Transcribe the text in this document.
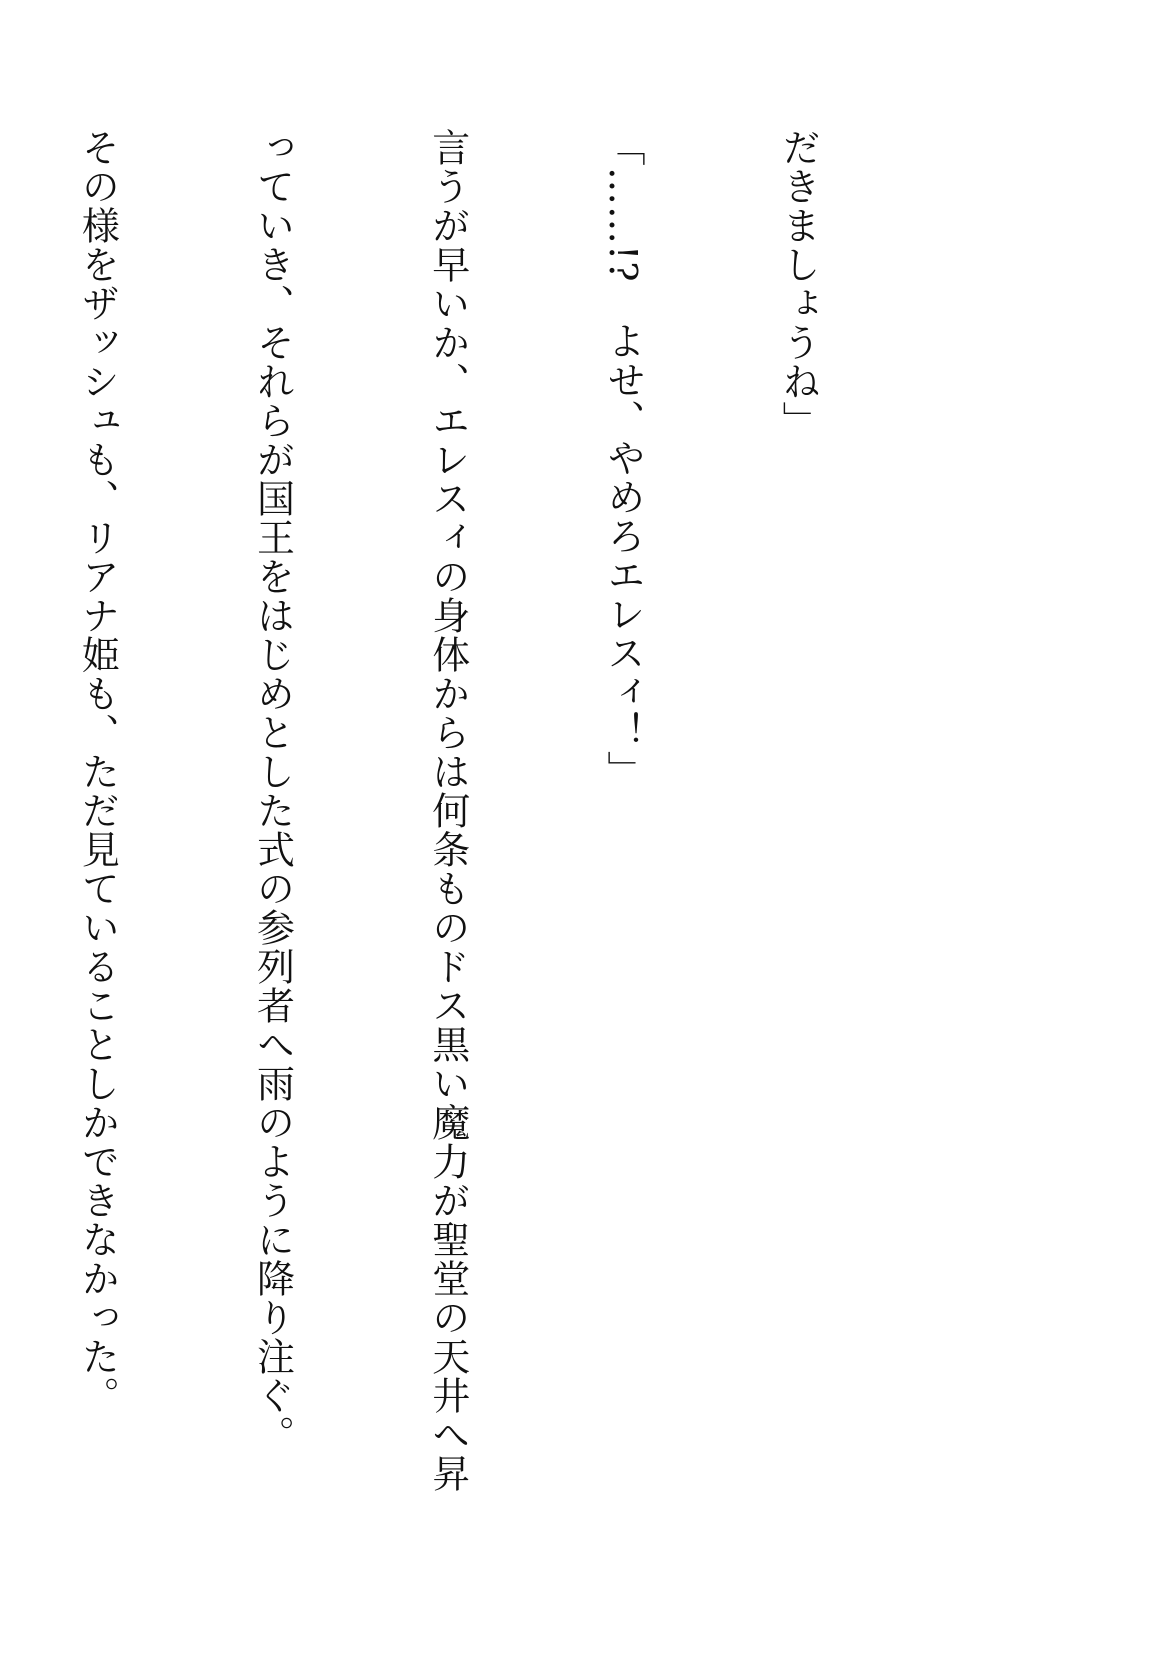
だきましょうね」

「……!?　よせ、やめろエレスィ！」

言うが早いか、エレスィの身体からは何条ものドス黒い魔力が聖堂の天井へ昇

っていき、それらが国王をはじめとした式の参列者へ雨のように降り注ぐ。

その様をザッシュも、リアナ姫も、ただ見ていることしかできなかった。
